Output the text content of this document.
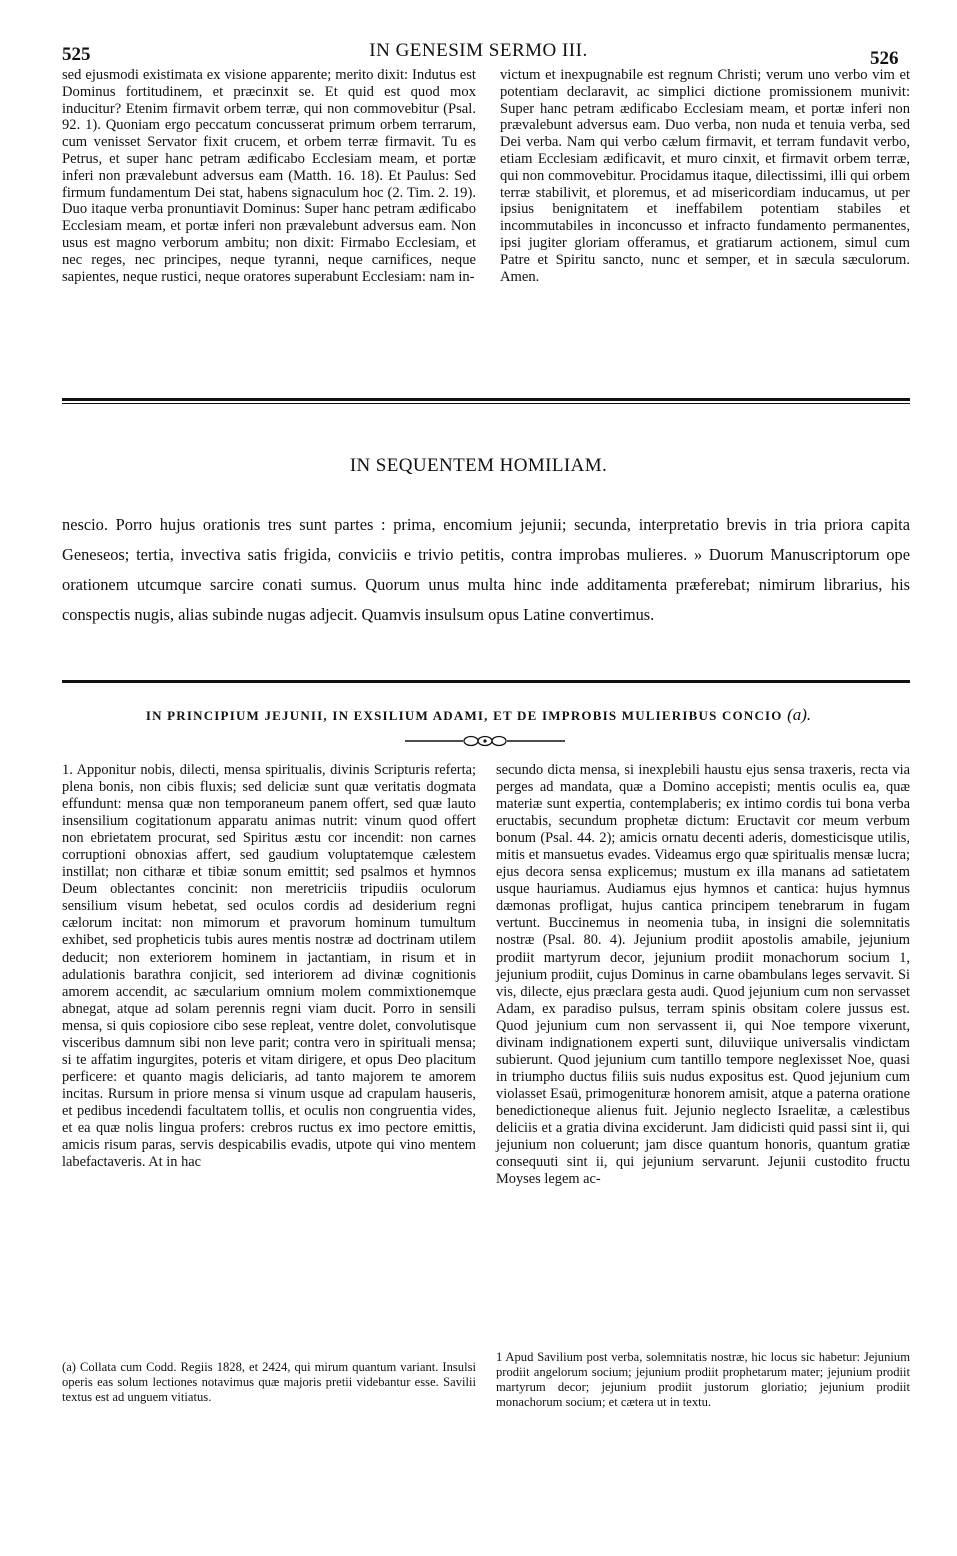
525	IN GENESIM SERMO III.	526
sed ejusmodi existimata ex visione apparente; merito dixit: Indutus est Dominus fortitudinem, et præcinxit se. Et quid est quod mox inducitur? Etenim firmavit orbem terræ, qui non commovebitur (Psal. 92. 1). Quoniam ergo peccatum concusserat primum orbem terrarum, cum venisset Servator fixit crucem, et orbem terræ firmavit. Tu es Petrus, et super hanc petram ædificabo Ecclesiam meam, et portæ inferi non prævalebunt adversus eam (Matth. 16. 18). Et Paulus: Sed firmum fundamentum Dei stat, habens signaculum hoc (2. Tim. 2. 19). Duo itaque verba pronuntiavit Dominus: Super hanc petram ædificabo Ecclesiam meam, et portæ inferi non prævalebunt adversus eam. Non usus est magno verborum ambitu; non dixit: Firmabo Ecclesiam, et nec reges, nec principes, neque tyranni, neque carnifices, neque sapientes, neque rustici, neque oratores superabunt Ecclesiam: nam in-
victum et inexpugnabile est regnum Christi; verum uno verbo vim et potentiam declaravit, ac simplici dictione promissionem munivit: Super hanc petram ædificabo Ecclesiam meam, et portæ inferi non prævalebunt adversus eam. Duo verba, non nuda et tenuia verba, sed Dei verba. Nam qui verbo cælum firmavit, et terram fundavit verbo, etiam Ecclesiam ædificavit, et muro cinxit, et firmavit orbem terræ, qui non commovebitur. Procidamus itaque, dilectissimi, illi qui orbem terræ stabilivit, et ploremus, et ad misericordiam inducamus, ut per ipsius benignitatem et ineffabilem potentiam stabiles et incommutabiles in inconcusso et infracto fundamento permanentes, ipsi jugiter gloriam offeramus, et gratiarum actionem, simul cum Patre et Spiritu sancto, nunc et semper, et in sæcula sæculorum. Amen.
IN SEQUENTEM HOMILIAM.
nescio. Porro hujus orationis tres sunt partes : prima, encomium jejunii; secunda, interpretatio brevis in tria priora capita Geneseos; tertia, invectiva satis frigida, conviciis e trivio petitis, contra improbas mulieres. » Duorum Manuscriptorum ope orationem utcumque sarcire conati sumus. Quorum unus multa hinc inde additamenta præferebat; nimirum librarius, his conspectis nugis, alias subinde nugas adjecit. Quamvis insulsum opus Latine convertimus.
IN PRINCIPIUM JEJUNII, IN EXSILIUM ADAMI, ET DE IMPROBIS MULIERIBUS CONCIO (a).
1. Apponitur nobis, dilecti, mensa spiritualis, divinis Scripturis referta; plena bonis, non cibis fluxis; sed deliciæ sunt quæ veritatis dogmata effundunt: mensa quæ non temporaneum panem offert, sed quæ lauto insensilium cogitationum apparatu animas nutrit: vinum quod offert non ebrietatem procurat, sed Spiritus æstu cor incendit: non carnes corruptioni obnoxias affert, sed gaudium voluptatemque cælestem instillat; non citharæ et tibiæ sonum emittit; sed psalmos et hymnos Deum oblectantes concinit: non meretriciis tripudiis oculorum sensilium visum hebetat, sed oculos cordis ad desiderium regni cælorum incitat: non mimorum et pravorum hominum tumultum exhibet, sed propheticis tubis aures mentis nostræ ad doctrinam utilem deducit; non exteriorem hominem in jactantiam, in risum et in adulationis barathra conjicit, sed interiorem ad divinæ cognitionis amorem accendit, ac sæcularium omnium molem commixtionemque abnegat, atque ad solam perennis regni viam ducit. Porro in sensili mensa, si quis copiosiore cibo sese repleat, ventre dolet, convolutisque visceribus damnum sibi non leve parit; contra vero in spirituali mensa; si te affatim ingurgites, poteris et vitam dirigere, et opus Deo placitum perficere: et quanto magis deliciaris, ad tanto majorem te amorem incitas. Rursum in priore mensa si vinum usque ad crapulam hauseris, et pedibus incedendi facultatem tollis, et oculis non congruentia vides, et ea quæ nolis lingua profers: crebros ructus ex imo pectore emittis, amicis risum paras, servis despicabilis evadis, utpote qui vino mentem labefactaveris. At in hac
secundo dicta mensa, si inexplebili haustu ejus sensa traxeris, recta via perges ad mandata, quæ a Domino accepisti; mentis oculis ea, quæ materiæ sunt expertia, contemplaberis; ex intimo cordis tui bona verba eructabis, secundum prophetæ dictum: Eructavit cor meum verbum bonum (Psal. 44. 2); amicis ornatu decenti aderis, domesticisque utilis, mitis et mansuetus evades. Videamus ergo quæ spiritualis mensæ lucra; ejus decora sensa explicemus; mustum ex illa manans ad satietatem usque hauriamus. Audiamus ejus hymnos et cantica: hujus hymnus dæmonas profligat, hujus cantica principem tenebrarum in fugam vertunt. Buccinemus in neomenia tuba, in insigni die solemnitatis nostræ (Psal. 80. 4). Jejunium prodiit apostolis amabile, jejunium prodiit martyrum decor, jejunium prodiit monachorum socium 1, jejunium prodiit, cujus Dominus in carne obambulans leges servavit. Si vis, dilecte, ejus præclara gesta audi. Quod jejunium cum non servasset Adam, ex paradiso pulsus, terram spinis obsitam colere jussus est. Quod jejunium cum non servassent ii, qui Noe tempore vixerunt, divinam indignationem experti sunt, diluviique universalis vindictam subierunt. Quod jejunium cum tantillo tempore neglexisset Noe, quasi in triumpho ductus filiis suis nudus expositus est. Quod jejunium cum violasset Esaü, primogenituræ honorem amisit, atque a paterna oratione benedictioneque alienus fuit. Jejunio neglecto Israelitæ, a cælestibus deliciis et a gratia divina exciderunt. Jam didicisti quid passi sint ii, qui jejunium non coluerunt; jam disce quantum honoris, quantum gratiæ consequuti sint ii, qui jejunium servarunt. Jejunii custodito fructu Moyses legem ac-
(a) Collata cum Codd. Regiis 1828, et 2424, qui mirum quantum variant. Insulsi operis eas solum lectiones notavimus quæ majoris pretii videbantur esse. Savilii textus est ad unguem vitiatus.
1 Apud Savilium post verba, solemnitatis nostræ, hic locus sic habetur: Jejunium prodiit angelorum socium; jejunium prodiit prophetarum mater; jejunium prodiit martyrum decor; jejunium prodiit justorum gloriatio; jejunium prodiit monachorum socium; et cætera ut in textu.
